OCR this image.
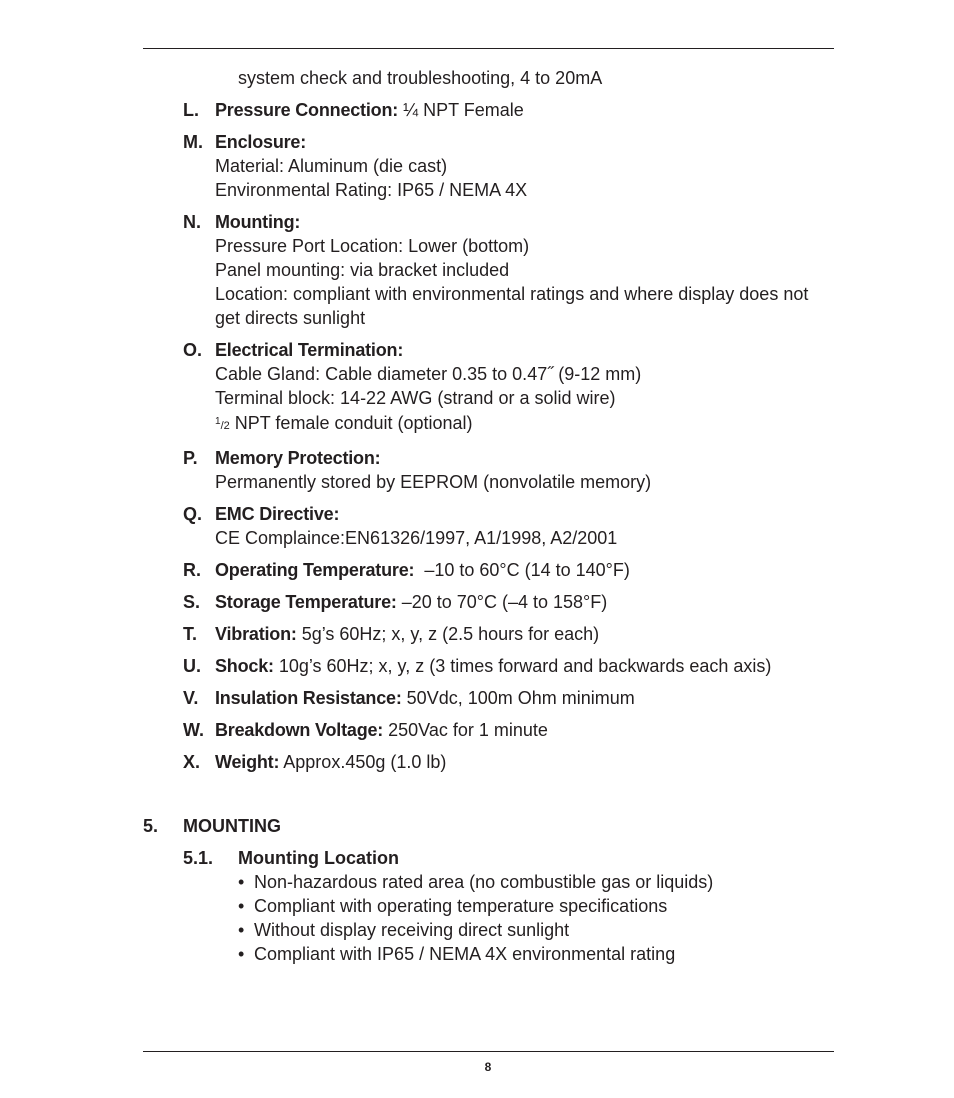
system check and troubleshooting, 4 to 20mA
L. Pressure Connection: ¼ NPT Female
M. Enclosure:
Material: Aluminum (die cast)
Environmental Rating: IP65 / NEMA 4X
N. Mounting:
Pressure Port Location: Lower (bottom)
Panel mounting: via bracket included
Location: compliant with environmental ratings and where display does not get directs sunlight
O. Electrical Termination:
Cable Gland: Cable diameter 0.35 to 0.47˝ (9-12 mm)
Terminal block: 14-22 AWG (strand or a solid wire)
$^1$/2 NPT female conduit (optional)
P. Memory Protection:
Permanently stored by EEPROM (nonvolatile memory)
Q. EMC Directive:
CE Complaince:EN61326/1997, A1/1998, A2/2001
R. Operating Temperature:  –10 to 60°C (14 to 140°F)
S. Storage Temperature: –20 to 70°C (–4 to 158°F)
T. Vibration: 5g’s 60Hz; x, y, z (2.5 hours for each)
U. Shock: 10g’s 60Hz; x, y, z (3 times forward and backwards each axis)
V. Insulation Resistance: 50Vdc, 100m Ohm minimum
W. Breakdown Voltage: 250Vac for 1 minute
X. Weight: Approx.450g (1.0 lb)
5.	MOUNTING
5.1.	Mounting Location
• Non-hazardous rated area (no combustible gas or liquids)
• Compliant with operating temperature specifications
• Without display receiving direct sunlight
• Compliant with IP65 / NEMA 4X environmental rating
8
